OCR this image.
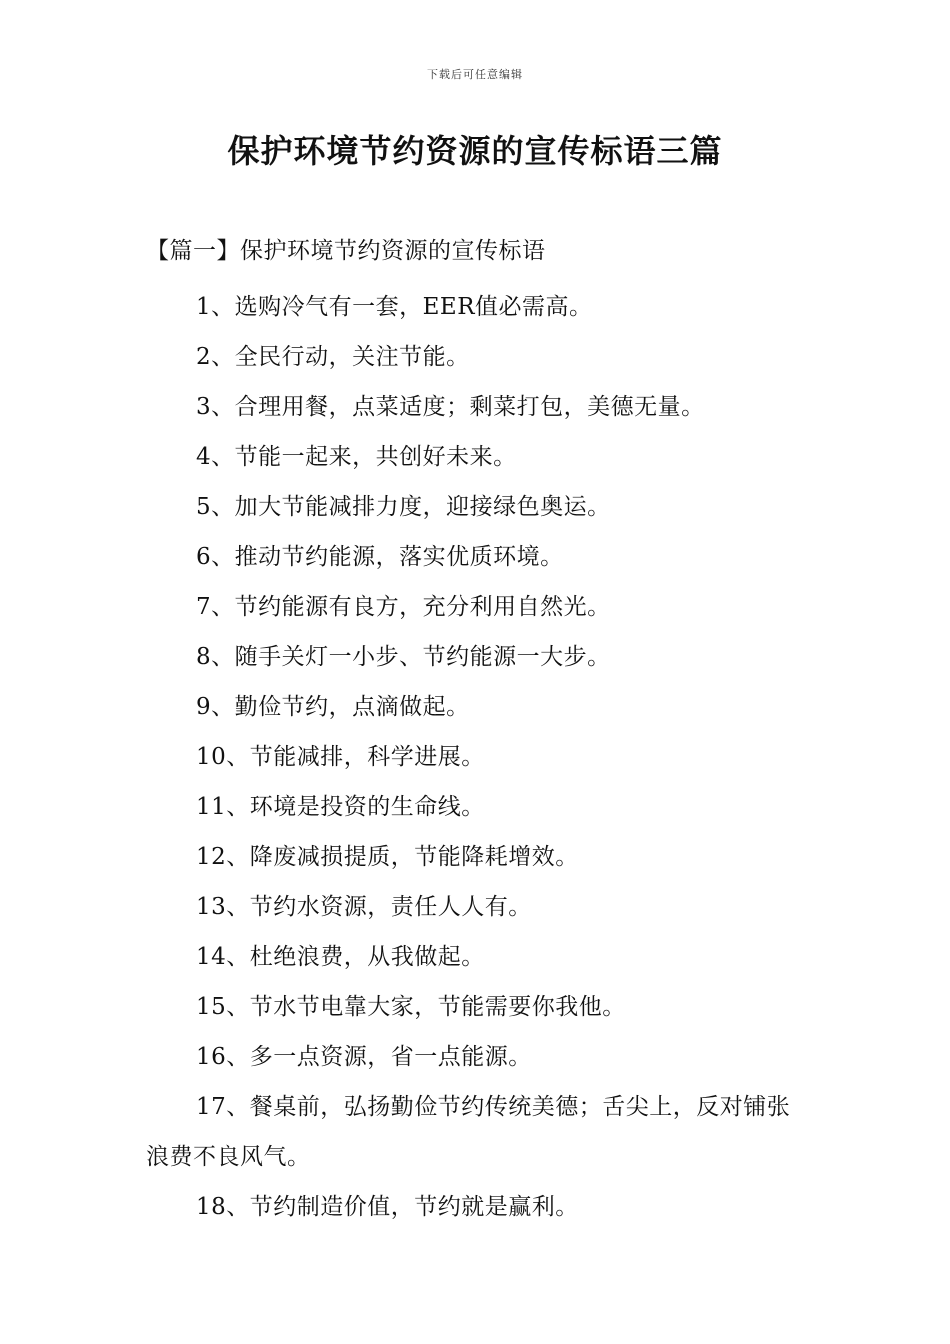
下载后可任意编辑
保护环境节约资源的宣传标语三篇
【篇一】保护环境节约资源的宣传标语
1、选购冷气有一套，EER值必需高。
2、全民行动，关注节能。
3、合理用餐，点菜适度；剩菜打包，美德无量。
4、节能一起来，共创好未来。
5、加大节能减排力度，迎接绿色奥运。
6、推动节约能源，落实优质环境。
7、节约能源有良方，充分利用自然光。
8、随手关灯一小步、节约能源一大步。
9、勤俭节约，点滴做起。
10、节能减排，科学进展。
11、环境是投资的生命线。
12、降废减损提质，节能降耗增效。
13、节约水资源，责任人人有。
14、杜绝浪费，从我做起。
15、节水节电靠大家，节能需要你我他。
16、多一点资源，省一点能源。
17、餐桌前，弘扬勤俭节约传统美德；舌尖上，反对铺张浪费不良风气。
18、节约制造价值，节约就是赢利。
